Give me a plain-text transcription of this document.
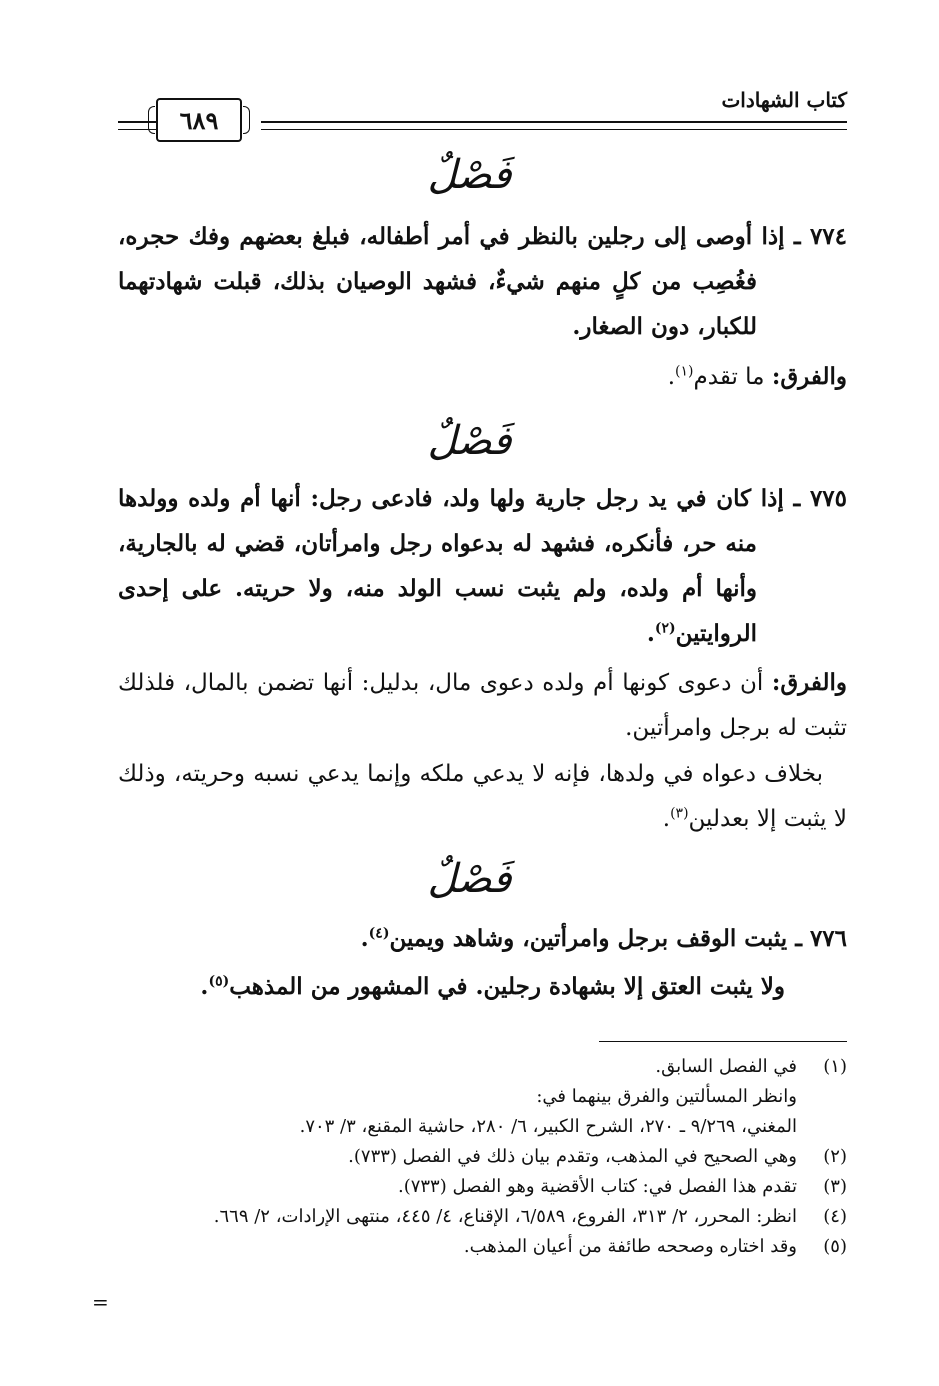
كتاب الشهادات
٦٨٩
فَصْلٌ
٧٧٤ ـ إذا أوصى إلى رجلين بالنظر في أمر أطفاله، فبلغ بعضهم وفك حجره، فغُصِب من كلٍ منهم شيءٌ، فشهد الوصيان بذلك، قبلت شهادتهما للكبار، دون الصغار.
والفرق: ما تقدم$^{(١)}$.
فَصْلٌ
٧٧٥ ـ إذا كان في يد رجل جارية ولها ولد، فادعى رجل: أنها أم ولده وولدها منه حر، فأنكره، فشهد له بدعواه رجل وامرأتان، قضي له بالجارية، وأنها أم ولده، ولم يثبت نسب الولد منه، ولا حريته. على إحدى الروايتين$^{(٢)}$.
والفرق: أن دعوى كونها أم ولده دعوى مال، بدليل: أنها تضمن بالمال، فلذلك تثبت له برجل وامرأتين.
بخلاف دعواه في ولدها، فإنه لا يدعي ملكه وإنما يدعي نسبه وحريته، وذلك لا يثبت إلا بعدلين$^{(٣)}$.
فَصْلٌ
٧٧٦ ـ يثبت الوقف برجل وامرأتين، وشاهد ويمين$^{(٤)}$.
ولا يثبت العتق إلا بشهادة رجلين. في المشهور من المذهب$^{(٥)}$.
(١)
في الفصل السابق.
وانظر المسألتين والفرق بينهما في:
المغني، ٩/٢٦٩ ـ ٢٧٠، الشرح الكبير، ٦/ ٢٨٠، حاشية المقنع، ٣/ ٧٠٣.
(٢)
وهي الصحيح في المذهب، وتقدم بيان ذلك في الفصل (٧٣٣).
(٣)
تقدم هذا الفصل في: كتاب الأقضية وهو الفصل (٧٣٣).
(٤)
انظر: المحرر، ٢/ ٣١٣، الفروع، ٦/٥٨٩، الإقناع، ٤/ ٤٤٥، منتهى الإرادات، ٢/ ٦٦٩.
(٥)
وقد اختاره وصححه طائفة من أعيان المذهب.
=
